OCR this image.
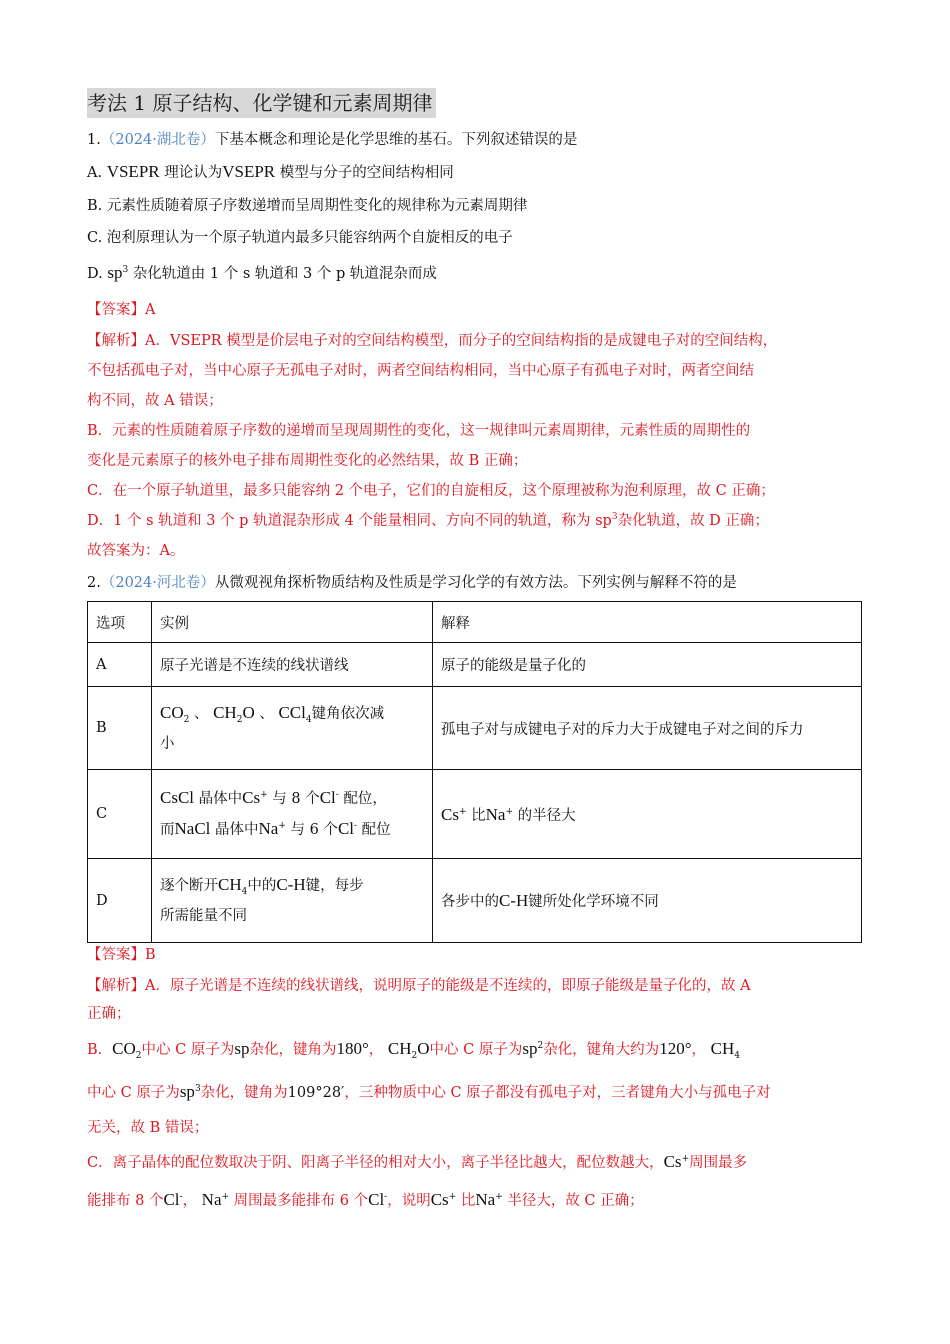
考法 1 原子结构、化学键和元素周期律
1.（2024·湖北卷）下基本概念和理论是化学思维的基石。下列叙述错误的是
A. VSEPR 理论认为VSEPR 模型与分子的空间结构相同
B. 元素性质随着原子序数递增而呈周期性变化的规律称为元素周期律
C. 泡利原理认为一个原子轨道内最多只能容纳两个自旋相反的电子
D. $sp^3$ 杂化轨道由 1 个 s 轨道和 3 个 p 轨道混杂而成
【答案】A
【解析】A．VSEPR 模型是价层电子对的空间结构模型，而分子的空间结构指的是成键电子对的空间结构，
不包括孤电子对，当中心原子无孤电子对时，两者空间结构相同，当中心原子有孤电子对时，两者空间结
构不同，故 A 错误；
B．元素的性质随着原子序数的递增而呈现周期性的变化，这一规律叫元素周期律，元素性质的周期性的
变化是元素原子的核外电子排布周期性变化的必然结果，故 B 正确；
C．在一个原子轨道里，最多只能容纳 2 个电子，它们的自旋相反，这个原理被称为泡利原理，故 C 正确；
D．1 个 s 轨道和 3 个 p 轨道混杂形成 4 个能量相同、方向不同的轨道，称为 $sp^3$杂化轨道，故 D 正确；
故答案为：A。
2.（2024·河北卷）从微观视角探析物质结构及性质是学习化学的有效方法。下列实例与解释不符的是
选项	实例	解释
A	原子光谱是不连续的线状谱线	原子的能级是量子化的
B	$CO_2$ 、 $CH_2O$ 、 CCl$_4$键角依次减
小	孤电子对与成键电子对的斥力大于成键电子对之间的斥力
C	CsCl 晶体中Cs+ 与 8 个Cl- 配位，
而NaCl 晶体中Na+ 与 6 个Cl- 配位	Cs+ 比Na+ 的半径大
D	逐个断开$CH_4$中的C-H键，每步
所需能量不同	各步中的C-H键所处化学环境不同
【答案】B
【解析】A．原子光谱是不连续的线状谱线，说明原子的能级是不连续的，即原子能级是量子化的，故 A
正确；
B．$CO_2$中心 C 原子为sp杂化，键角为180°， $CH_2O$中心 C 原子为$sp^2$杂化，键角大约为120°， $CH_4$
中心 C 原子为$sp^3$杂化，键角为109°28′，三种物质中心 C 原子都没有孤电子对，三者键角大小与孤电子对
无关，故 B 错误；
C．离子晶体的配位数取决于阴、阳离子半径的相对大小，离子半径比越大，配位数越大，Cs+周围最多
能排布 8 个Cl-， Na+ 周围最多能排布 6 个Cl-，说明Cs+ 比Na+ 半径大，故 C 正确；
